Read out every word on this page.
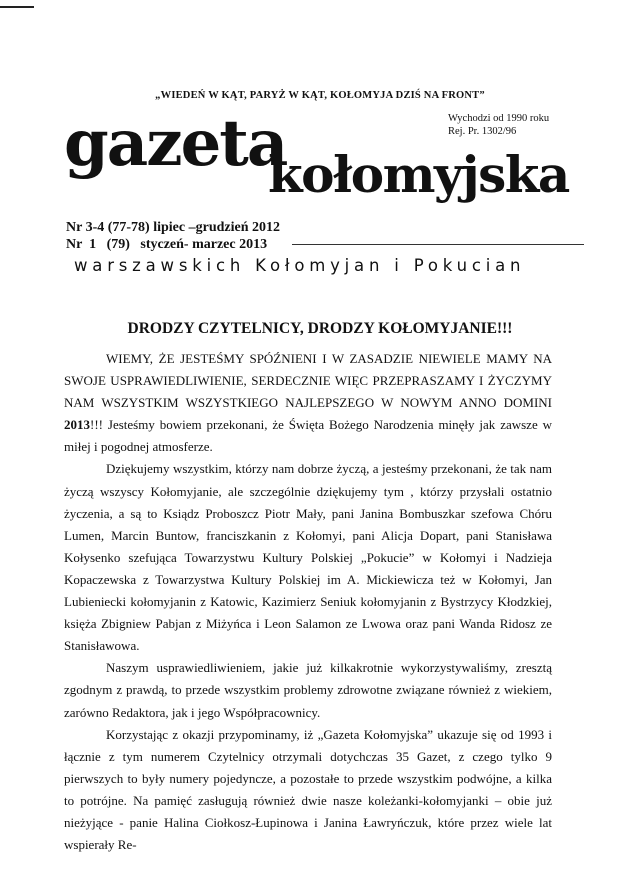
„WIEDEŃ W KĄT, PARYŻ W KĄT, KOŁOMYJA DZIŚ NA FRONT”
Wychodzi od 1990 roku
Rej. Pr. 1302/96
gazeta
kołomyjska
Nr 3-4 (77-78) lipiec –grudzień 2012
Nr  1   (79)   styczeń- marzec 2013
warszawskich Kołomyjan i Pokucian
DRODZY CZYTELNICY, DRODZY KOŁOMYJANIE!!!

WIEMY, ŻE JESTEŚMY SPÓŹNIENI I W ZASADZIE NIEWIELE MAMY NA SWOJE USPRAWIEDLIWIENIE, SERDECZNIE WIĘC PRZEPRASZAMY I ŻYCZYMY NAM WSZYSTKIM WSZYSTKIEGO NAJLEPSZEGO W NOWYM ANNO DOMINI 2013!!! Jesteśmy bowiem przekonani, że Święta Bożego Narodzenia minęły jak zawsze w miłej i pogodnej atmosferze.

Dziękujemy wszystkim, którzy nam dobrze życzą, a jesteśmy przekonani, że tak nam życzą wszyscy Kołomyjanie, ale szczególnie dziękujemy tym , którzy przysłali ostatnio życzenia, a są to Ksiądz Proboszcz Piotr Mały, pani Janina Bombuszkar szefowa Chóru Lumen, Marcin Buntow, franciszkanin z Kołomyi, pani Alicja Dopart, pani Stanisława Kołysenko szefująca Towarzystwu Kultury Polskiej „Pokucie” w Kołomyi i Nadzieja Kopaczewska z Towarzystwa Kultury Polskiej im A. Mickiewicza też w Kołomyi, Jan Lubieniecki kołomyjanin z Katowic, Kazimierz Seniuk kołomyjanin z Bystrzycy Kłodzkiej, księża Zbigniew Pabjan z Miżyńca i Leon Salamon ze Lwowa oraz pani Wanda Ridosz ze Stanisławowa.

Naszym usprawiedliwieniem, jakie już kilkakrotnie wykorzystywaliśmy, zresztą zgodnym z prawdą, to przede wszystkim problemy zdrowotne związane również z wiekiem, zarówno Redaktora, jak i jego Współpracownicy.

Korzystając z okazji przypominamy, iż „Gazeta Kołomyjska” ukazuje się od 1993 i łącznie z tym numerem Czytelnicy otrzymali dotychczas 35 Gazet, z czego tylko 9 pierwszych to były numery pojedyncze, a pozostałe to przede wszystkim podwójne, a kilka to potrójne. Na pamięć zasługują również dwie nasze koleżanki-kołomyjanki – obie już nieżyjące - panie Halina Ciołkosz-Łupinowa i Janina Ławryńczuk, które przez wiele lat wspierały Re-
